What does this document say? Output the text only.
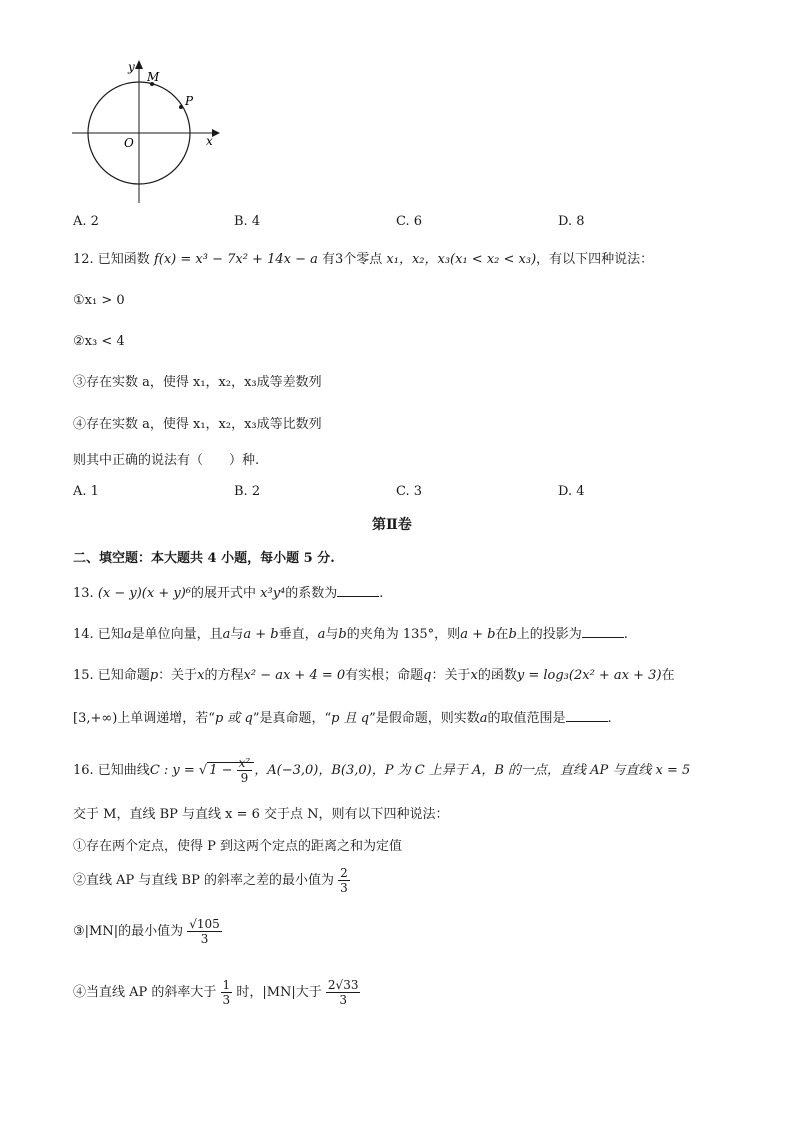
y
M
P
O	x
A. 2	B. 4	C. 6	D. 8
12. 已知函数 f(x) = x³ − 7x² + 14x − a 有3个零点 x₁，x₂，x₃(x₁ < x₂ < x₃)，有以下四种说法：
①x₁ > 0
②x₃ < 4
③存在实数 a，使得 x₁，x₂，x₃成等差数列
④存在实数 a，使得 x₁，x₂，x₃成等比数列
则其中正确的说法有（　　）种.
A. 1	B. 2	C. 3	D. 4
第Ⅱ卷
二、填空题：本大题共 4 小题，每小题 5 分.
13. (x − y)(x + y)⁶的展开式中 x³y⁴的系数为	.
14. 已知a是单位向量，且a与a + b垂直，a与b的夹角为 135°，则a + b在b上的投影为	.
15. 已知命题p：关于x的方程x² − ax + 4 = 0有实根；命题q：关于x的函数y = log₃(2x² + ax + 3)在
[3,+∞)上单调递增，若“p 或 q”是真命题，“p 且 q”是假命题，则实数a的取值范围是	.
16. 已知曲线C : y = √ $1 - \frac{\text{x²}}{9}$ ，A(−3,0)，B(3,0)，P 为 C 上异于 A，B 的一点，直线 AP 与直线 x = 5
交于 M，直线 BP 与直线 x = 6 交于点 N，则有以下四种说法：
①存在两个定点，使得 P 到这两个定点的距离之和为定值
②直线 AP 与直线 BP 的斜率之差的最小值为 $\frac{2}{3}$
③|MN|的最小值为 $\frac{√105}{3}$
④当直线 AP 的斜率大于 $\frac{1}{3}$ 时，|MN|大于 $\frac{2√33}{3}$
